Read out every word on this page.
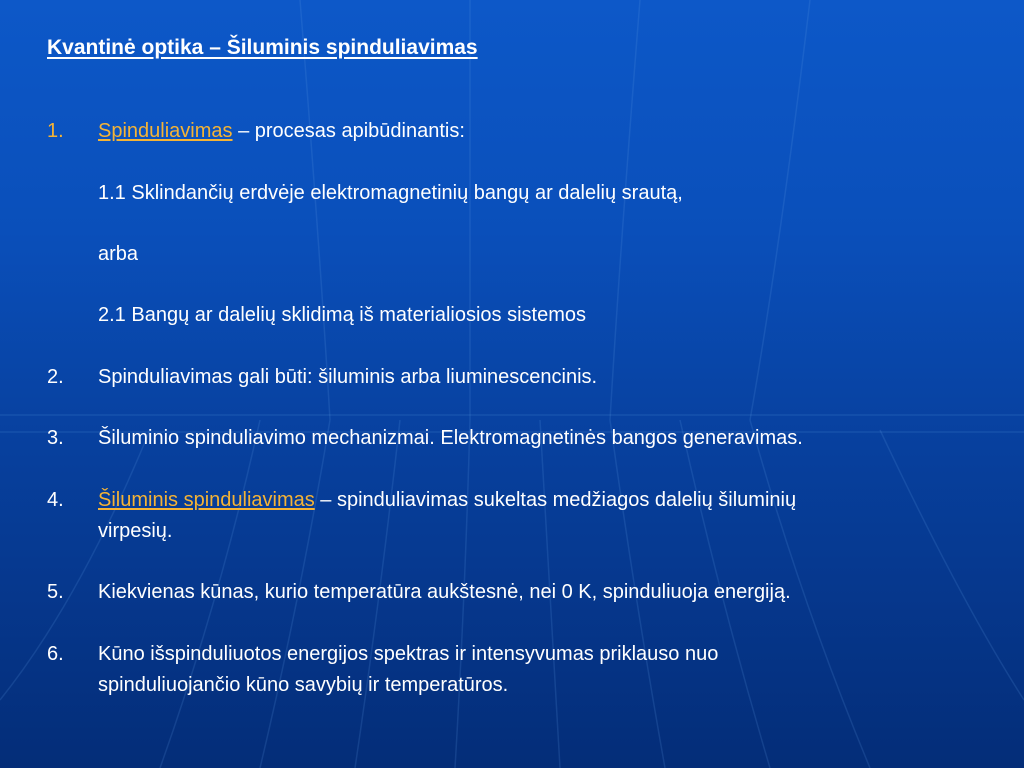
Kvantinė optika – Šiluminis spinduliavimas
1. Spinduliavimas – procesas apibūdinantis:
1.1 Sklindančių erdvėje elektromagnetinių bangų ar dalelių srautą,
arba
2.1 Bangų ar dalelių sklidimą iš materialiosios sistemos
2. Spinduliavimas gali būti: šiluminis arba liuminescencinis.
3. Šiluminio spinduliavimo mechanizmai. Elektromagnetinės bangos generavimas.
4. Šiluminis spinduliavimas – spinduliavimas sukeltas medžiagos dalelių šiluminių
virpesių.
5. Kiekvienas kūnas, kurio temperatūra aukštesnė, nei 0 K, spinduliuoja energiją.
6. Kūno išspinduliuotos energijos spektras ir intensyvumas priklauso nuo
spinduliuojančio kūno savybių ir temperatūros.
